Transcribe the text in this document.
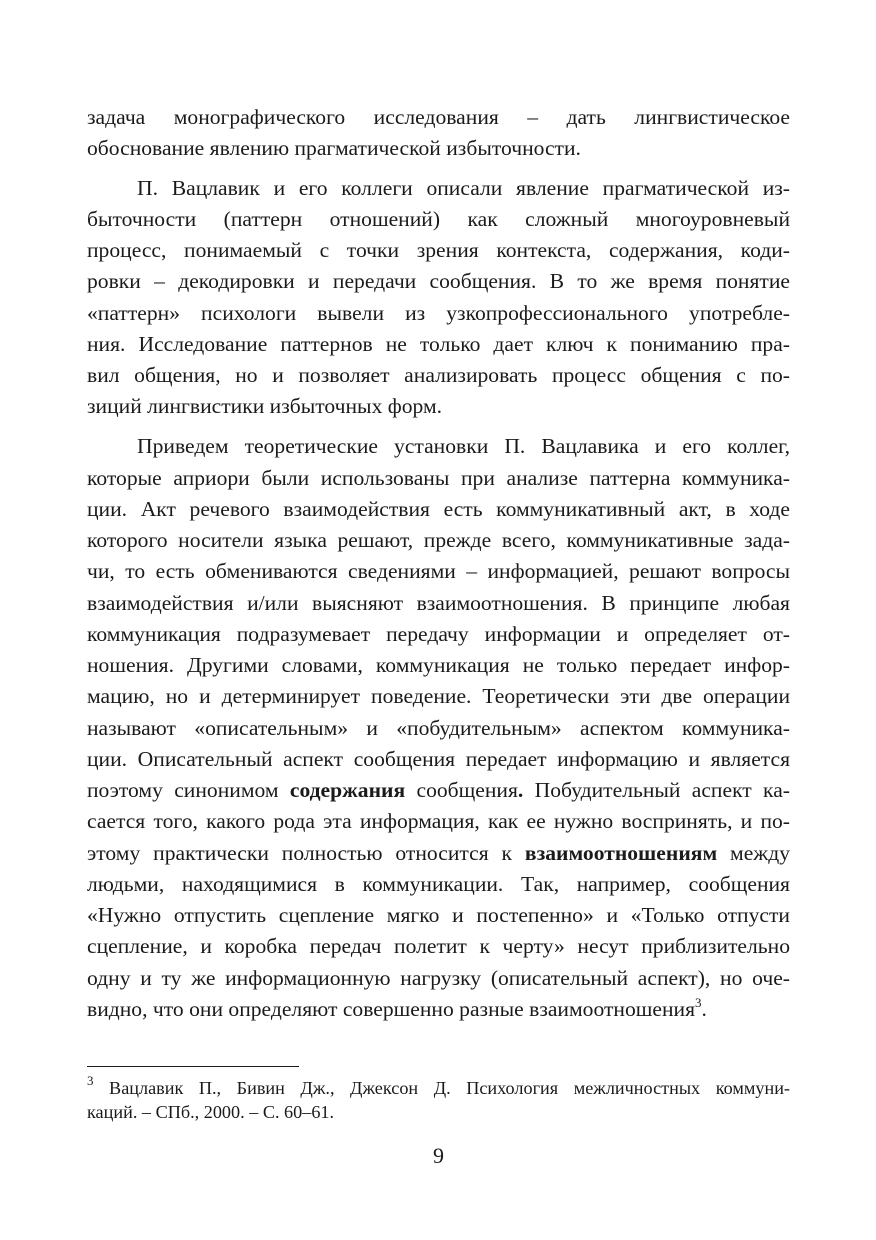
задача монографического исследования – дать лингвистическое
обоснование явлению прагматической избыточности.
П. Вацлавик и его коллеги описали явление прагматической из-
быточности (паттерн отношений) как сложный многоуровневый
процесс, понимаемый с точки зрения контекста, содержания, коди-
ровки – декодировки и передачи сообщения. В то же время понятие
«паттерн» психологи вывели из узкопрофессионального употребле-
ния. Исследование паттернов не только дает ключ к пониманию пра-
вил общения, но и позволяет анализировать процесс общения с по-
зиций лингвистики избыточных форм.
Приведем теоретические установки П. Вацлавика и его коллег,
которые априори были использованы при анализе паттерна коммуника-
ции. Акт речевого взаимодействия есть коммуникативный акт, в ходе
которого носители языка решают, прежде всего, коммуникативные зада-
чи, то есть обмениваются сведениями – информацией, решают вопросы
взаимодействия и/или выясняют взаимоотношения. В принципе любая
коммуникация подразумевает передачу информации и определяет от-
ношения. Другими словами, коммуникация не только передает инфор-
мацию, но и детерминирует поведение. Теоретически эти две операции
называют «описательным» и «побудительным» аспектом коммуника-
ции. Описательный аспект сообщения передает информацию и является
поэтому синонимом содержания сообщения. Побудительный аспект ка-
сается того, какого рода эта информация, как ее нужно воспринять, и по-
этому практически полностью относится к взаимоотношениям между
людьми, находящимися в коммуникации. Так, например, сообщения
«Нужно отпустить сцепление мягко и постепенно» и «Только отпусти
сцепление, и коробка передач полетит к черту» несут приблизительно
одну и ту же информационную нагрузку (описательный аспект), но оче-
видно, что они определяют совершенно разные взаимоотношения$^3$.
$^3$ Вацлавик П., Бивин Дж., Джексон Д. Психология межличностных коммуни-
каций. – СПб., 2000. – С. 60–61.
9
